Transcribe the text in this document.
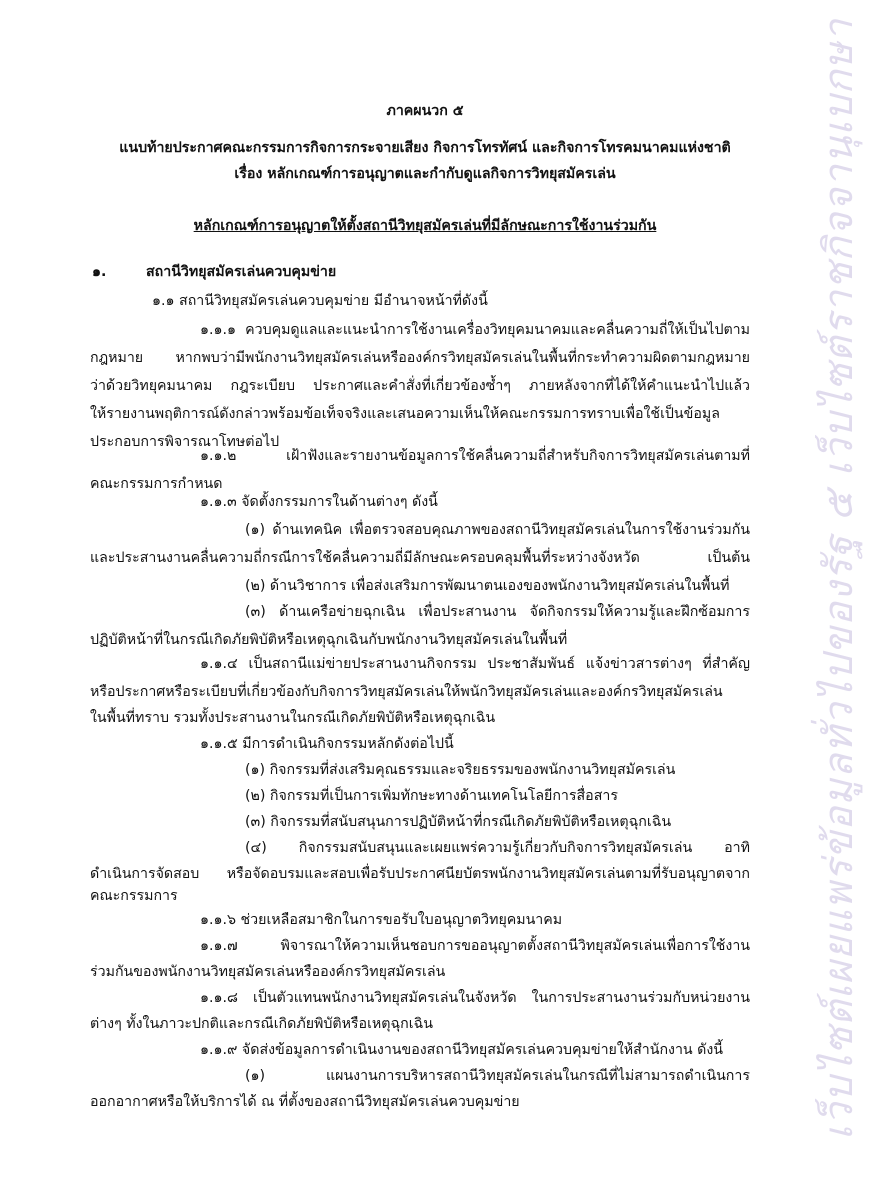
เว็บไซต์เผยแพร่ข้อมูลทั่วไปของรัฐ ๕ เว็บไซต์ราชกิจจานุเบกษา
ภาคผนวก ๕
แนบท้ายประกาศคณะกรรมการกิจการกระจายเสียง กิจการโทรทัศน์ และกิจการโทรคมนาคมแห่งชาติ
เรื่อง หลักเกณฑ์การอนุญาตและกำกับดูแลกิจการวิทยุสมัครเล่น
หลักเกณฑ์การอนุญาตให้ตั้งสถานีวิทยุสมัครเล่นที่มีลักษณะการใช้งานร่วมกัน
๑.	สถานีวิทยุสมัครเล่นควบคุมข่าย
๑.๑ สถานีวิทยุสมัครเล่นควบคุมข่าย มีอำนาจหน้าที่ดังนี้
๑.๑.๑ ควบคุมดูแลและแนะนำการใช้งานเครื่องวิทยุคมนาคมและคลื่นความถี่ให้เป็นไปตาม
กฎหมาย หากพบว่ามีพนักงานวิทยุสมัครเล่นหรือองค์กรวิทยุสมัครเล่นในพื้นที่กระทำความผิดตามกฎหมาย
ว่าด้วยวิทยุคมนาคม กฎระเบียบ ประกาศและคำสั่งที่เกี่ยวข้องซ้ำๆ ภายหลังจากที่ได้ให้คำแนะนำไปแล้ว
ให้รายงานพฤติการณ์ดังกล่าวพร้อมข้อเท็จจริงและเสนอความเห็นให้คณะกรรมการทราบเพื่อใช้เป็นข้อมูล
ประกอบการพิจารณาโทษต่อไป
๑.๑.๒ เฝ้าฟังและรายงานข้อมูลการใช้คลื่นความถี่สำหรับกิจการวิทยุสมัครเล่นตามที่
คณะกรรมการกำหนด
๑.๑.๓ จัดตั้งกรรมการในด้านต่างๆ ดังนี้
(๑) ด้านเทคนิค เพื่อตรวจสอบคุณภาพของสถานีวิทยุสมัครเล่นในการใช้งานร่วมกัน
และประสานงานคลื่นความถี่กรณีการใช้คลื่นความถี่มีลักษณะครอบคลุมพื้นที่ระหว่างจังหวัด เป็นต้น
(๒) ด้านวิชาการ เพื่อส่งเสริมการพัฒนาตนเองของพนักงานวิทยุสมัครเล่นในพื้นที่
(๓) ด้านเครือข่ายฉุกเฉิน เพื่อประสานงาน จัดกิจกรรมให้ความรู้และฝึกซ้อมการ
ปฏิบัติหน้าที่ในกรณีเกิดภัยพิบัติหรือเหตุฉุกเฉินกับพนักงานวิทยุสมัครเล่นในพื้นที่
๑.๑.๔ เป็นสถานีแม่ข่ายประสานงานกิจกรรม ประชาสัมพันธ์ แจ้งข่าวสารต่างๆ ที่สำคัญ
หรือประกาศหรือระเบียบที่เกี่ยวข้องกับกิจการวิทยุสมัครเล่นให้พนักวิทยุสมัครเล่นและองค์กรวิทยุสมัครเล่น
ในพื้นที่ทราบ รวมทั้งประสานงานในกรณีเกิดภัยพิบัติหรือเหตุฉุกเฉิน
๑.๑.๕ มีการดำเนินกิจกรรมหลักดังต่อไปนี้
(๑) กิจกรรมที่ส่งเสริมคุณธรรมและจริยธรรมของพนักงานวิทยุสมัครเล่น
(๒) กิจกรรมที่เป็นการเพิ่มทักษะทางด้านเทคโนโลยีการสื่อสาร
(๓) กิจกรรมที่สนับสนุนการปฏิบัติหน้าที่กรณีเกิดภัยพิบัติหรือเหตุฉุกเฉิน
(๔) กิจกรรมสนับสนุนและเผยแพร่ความรู้เกี่ยวกับกิจการวิทยุสมัครเล่น อาทิ
ดำเนินการจัดสอบ หรือจัดอบรมและสอบเพื่อรับประกาศนียบัตรพนักงานวิทยุสมัครเล่นตามที่รับอนุญาตจาก
คณะกรรมการ
๑.๑.๖ ช่วยเหลือสมาชิกในการขอรับใบอนุญาตวิทยุคมนาคม
๑.๑.๗ พิจารณาให้ความเห็นชอบการขออนุญาตตั้งสถานีวิทยุสมัครเล่นเพื่อการใช้งาน
ร่วมกันของพนักงานวิทยุสมัครเล่นหรือองค์กรวิทยุสมัครเล่น
๑.๑.๘ เป็นตัวแทนพนักงานวิทยุสมัครเล่นในจังหวัด ในการประสานงานร่วมกับหน่วยงาน
ต่างๆ ทั้งในภาวะปกติและกรณีเกิดภัยพิบัติหรือเหตุฉุกเฉิน
๑.๑.๙ จัดส่งข้อมูลการดำเนินงานของสถานีวิทยุสมัครเล่นควบคุมข่ายให้สำนักงาน ดังนี้
(๑) แผนงานการบริหารสถานีวิทยุสมัครเล่นในกรณีที่ไม่สามารถดำเนินการ
ออกอากาศหรือให้บริการได้ ณ ที่ตั้งของสถานีวิทยุสมัครเล่นควบคุมข่าย
